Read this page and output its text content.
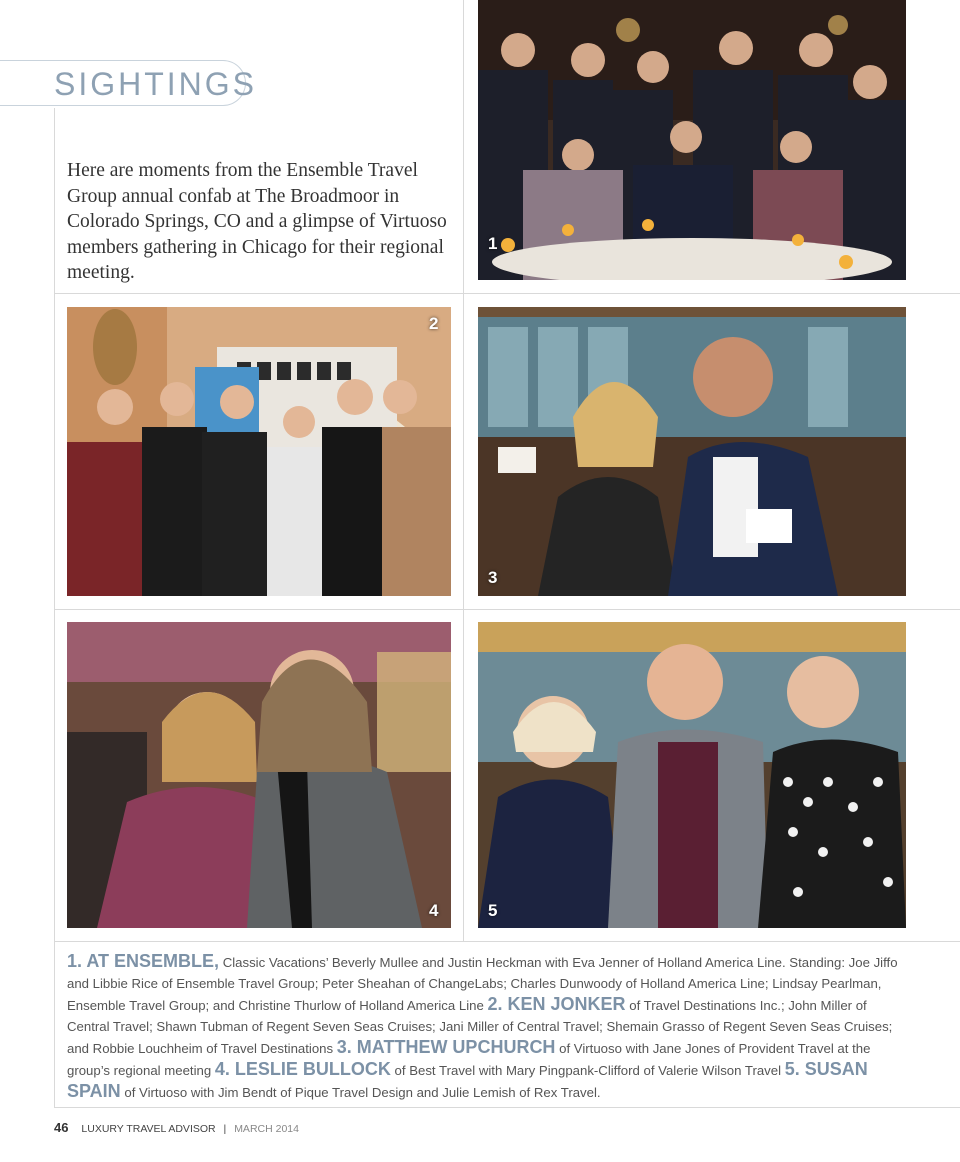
SIGHTINGS

Here are moments from the Ensemble Travel Group annual confab at The Broadmoor in Colorado Springs, CO and a glimpse of Virtuoso members gathering in Chicago for their regional meeting.

1
2
3
4	5
1. AT ENSEMBLE, Classic Vacations’ Beverly Mullee and Justin Heckman with Eva Jenner of Holland America Line. Standing: Joe Jiffo and Libbie Rice of Ensemble Travel Group; Peter Sheahan of ChangeLabs; Charles Dunwoody of Holland America Line; Lindsay Pearlman, Ensemble Travel Group; and Christine Thurlow of Holland America Line 2. KEN JONKER of Travel Destinations Inc.; John Miller of Central Travel; Shawn Tubman of Regent Seven Seas Cruises; Jani Miller of Central Travel; Shemain Grasso of Regent Seven Seas Cruises; and Robbie Louchheim of Travel Destinations 3. MATTHEW UPCHURCH of Virtuoso with Jane Jones of Provident Travel at the group’s regional meeting 4. LESLIE BULLOCK of Best Travel with Mary Pingpank-Clifford of Valerie Wilson Travel 5. SUSAN SPAIN of Virtuoso with Jim Bendt of Pique Travel Design and Julie Lemish of Rex Travel.
46 LUXURY TRAVEL ADVISOR | MARCH 2014
